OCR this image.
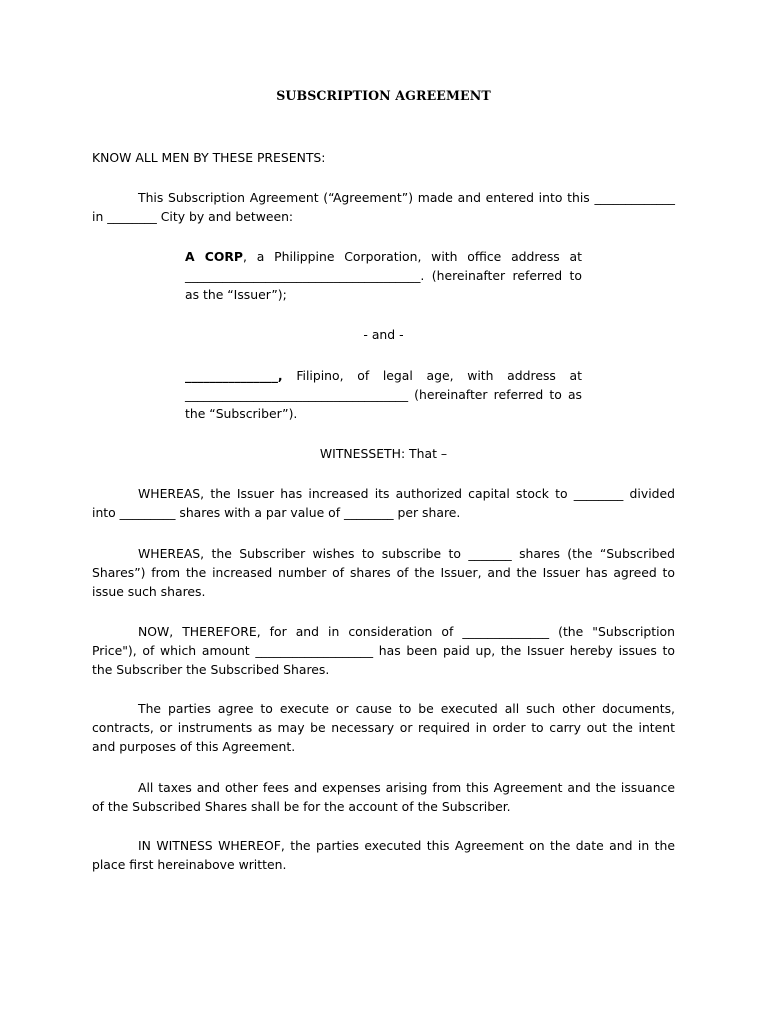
SUBSCRIPTION AGREEMENT
KNOW ALL MEN BY THESE PRESENTS:

This Subscription Agreement (“Agreement”) made and entered into this _____________ in ________ City by and between:

A CORP, a Philippine Corporation, with office address at ______________________________________. (hereinafter referred to as the “Issuer”);

- and -

_______________, Filipino, of legal age, with address at ____________________________________ (hereinafter referred to as the “Subscriber”).

WITNESSETH: That –

WHEREAS, the Issuer has increased its authorized capital stock to ________ divided into _________ shares with a par value of ________ per share.

WHEREAS, the Subscriber wishes to subscribe to _______ shares (the “Subscribed Shares”) from the increased number of shares of the Issuer, and the Issuer has agreed to issue such shares.

NOW, THEREFORE, for and in consideration of ______________ (the "Subscription Price"), of which amount ___________________ has been paid up, the Issuer hereby issues to the Subscriber the Subscribed Shares.

The parties agree to execute or cause to be executed all such other documents, contracts, or instruments as may be necessary or required in order to carry out the intent and purposes of this Agreement.

All taxes and other fees and expenses arising from this Agreement and the issuance of the Subscribed Shares shall be for the account of the Subscriber.

IN WITNESS WHEREOF, the parties executed this Agreement on the date and in the place first hereinabove written.
